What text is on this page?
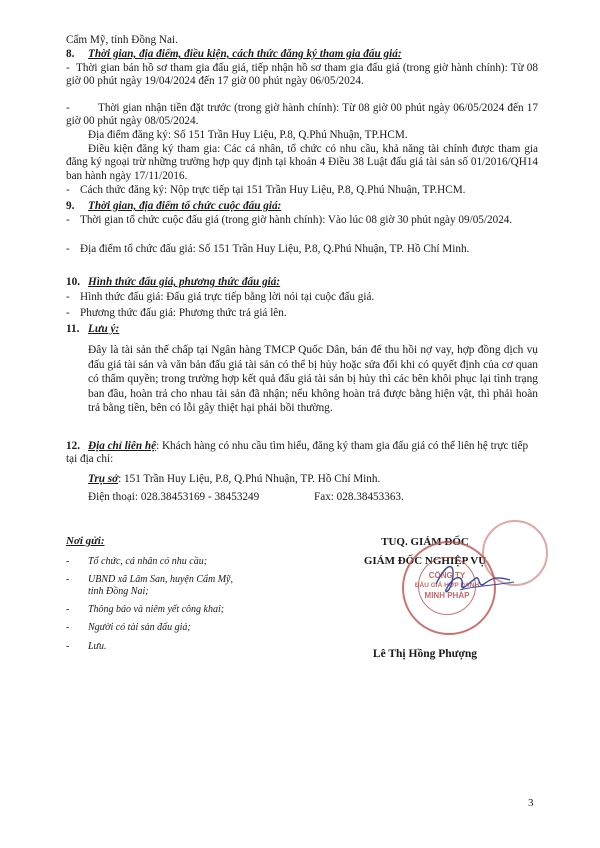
Cẩm Mỹ, tỉnh Đồng Nai.

8.	Thời gian, địa điểm, điều kiện, cách thức đăng ký tham gia đấu giá:
- Thời gian bán hồ sơ tham gia đấu giá, tiếp nhận hồ sơ tham gia đấu giá (trong giờ hành chính): Từ 08 giờ 00 phút ngày 19/04/2024 đến 17 giờ 00 phút ngày 06/05/2024.
-	Thời gian nhận tiền đặt trước (trong giờ hành chính): Từ 08 giờ 00 phút ngày 06/05/2024 đến 17 giờ 00 phút ngày 08/05/2024.

Địa điểm đăng ký: Số 151 Trần Huy Liệu, P.8, Q.Phú Nhuận, TP.HCM.

Điều kiện đăng ký tham gia: Các cá nhân, tổ chức có nhu cầu, khả năng tài chính được tham gia đăng ký ngoại trừ những trường hợp quy định tại khoản 4 Điều 38 Luật đấu giá tài sản số 01/2016/QH14 ban hành ngày 17/11/2016.

- Cách thức đăng ký: Nộp trực tiếp tại 151 Trần Huy Liệu, P.8, Q.Phú Nhuận, TP.HCM.
9.	Thời gian, địa điểm tổ chức cuộc đấu giá:
- Thời gian tổ chức cuộc đấu giá (trong giờ hành chính): Vào lúc 08 giờ 30 phút ngày 09/05/2024.
- Địa điểm tổ chức đấu giá: Số 151 Trần Huy Liệu, P.8, Q.Phú Nhuận, TP. Hồ Chí Minh.
10. Hình thức đấu giá, phương thức đấu giá:
- Hình thức đấu giá: Đấu giá trực tiếp bằng lời nói tại cuộc đấu giá.
- Phương thức đấu giá: Phương thức trả giá lên.
11. Lưu ý:

Đây là tài sản thế chấp tại Ngân hàng TMCP Quốc Dân, bán để thu hồi nợ vay, hợp đồng dịch vụ đấu giá tài sản và văn bản đấu giá tài sản có thể bị hủy hoặc sửa đổi khi có quyết định của cơ quan có thẩm quyền; trong trường hợp kết quả đấu giá tài sản bị hủy thì các bên khôi phục lại tình trạng ban đầu, hoàn trả cho nhau tài sản đã nhận; nếu không hoàn trả được bằng hiện vật, thì phải hoàn trả bằng tiền, bên có lỗi gây thiệt hại phải bồi thường.

12. Địa chỉ liên hệ: Khách hàng có nhu cầu tìm hiểu, đăng ký tham gia đấu giá có thể liên hệ trực tiếp tại địa chỉ:
Trụ sở : 151 Trần Huy Liệu, P.8, Q.Phú Nhuận, TP. Hồ Chí Minh.
Điện thoại: 028.38453169 - 38453249	Fax: 028.38453363.
Nơi gửi:
-	Tổ chức, cá nhân có nhu cầu;
-	UBND xã Lâm San, huyện Cẩm Mỹ, tỉnh Đồng Nai;
-	Thông báo và niêm yết công khai;
-	Người có tài sản đấu giá;
-	Lưu.
TUQ. GIÁM ĐỐC
GIÁM ĐỐC NGHIỆP VỤ
CÔNG TY
ĐẤU GIÁ HỢP DANH
MINH PHÁP
Lê Thị Hồng Phượng
3
